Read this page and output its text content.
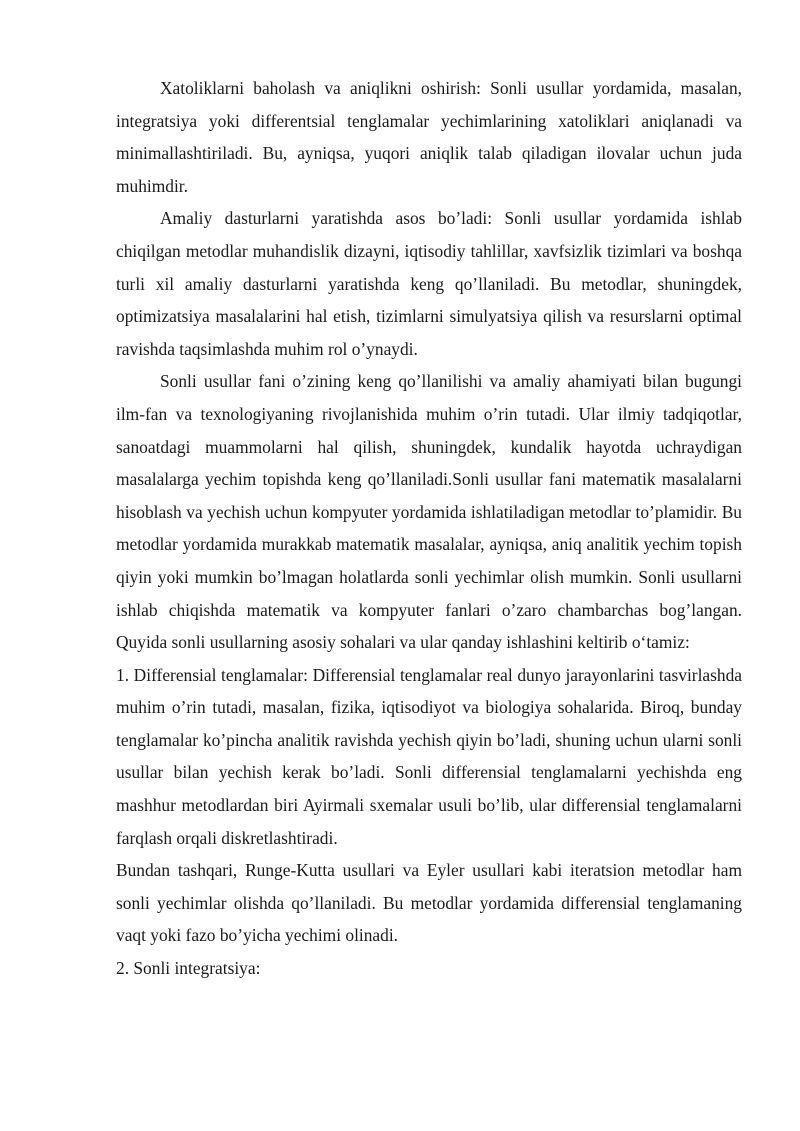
Xatoliklarni baholash va aniqlikni oshirish: Sonli usullar yordamida, masalan, integratsiya yoki differentsial tenglamalar yechimlarining xatoliklari aniqlanadi va minimallashtiriladi. Bu, ayniqsa, yuqori aniqlik talab qiladigan ilovalar uchun juda muhimdir.

Amaliy dasturlarni yaratishda asos bo’ladi: Sonli usullar yordamida ishlab chiqilgan metodlar muhandislik dizayni, iqtisodiy tahlillar, xavfsizlik tizimlari va boshqa turli xil amaliy dasturlarni yaratishda keng qo’llaniladi. Bu metodlar, shuningdek, optimizatsiya masalalarini hal etish, tizimlarni simulyatsiya qilish va resurslarni optimal ravishda taqsimlashda muhim rol o’ynaydi.

Sonli usullar fani o’zining keng qo’llanilishi va amaliy ahamiyati bilan bugungi ilm-fan va texnologiyaning rivojlanishida muhim o’rin tutadi. Ular ilmiy tadqiqotlar, sanoatdagi muammolarni hal qilish, shuningdek, kundalik hayotda uchraydigan masalalarga yechim topishda keng qo’llaniladi.Sonli usullar fani matematik masalalarni hisoblash va yechish uchun kompyuter yordamida ishlatiladigan metodlar to’plamidir. Bu metodlar yordamida murakkab matematik masalalar, ayniqsa, aniq analitik yechim topish qiyin yoki mumkin bo’lmagan holatlarda sonli yechimlar olish mumkin. Sonli usullarni ishlab chiqishda matematik va kompyuter fanlari o’zaro chambarchas bog’langan. Quyida sonli usullarning asosiy sohalari va ular qanday ishlashini keltirib o‘tamiz:

1. Differensial tenglamalar: Differensial tenglamalar real dunyo jarayonlarini tasvirlashda muhim o’rin tutadi, masalan, fizika, iqtisodiyot va biologiya sohalarida. Biroq, bunday tenglamalar ko’pincha analitik ravishda yechish qiyin bo’ladi, shuning uchun ularni sonli usullar bilan yechish kerak bo’ladi. Sonli differensial tenglamalarni yechishda eng mashhur metodlardan biri Ayirmali sxemalar usuli bo’lib, ular differensial tenglamalarni farqlash orqali diskretlashtiradi.

Bundan tashqari, Runge-Kutta usullari va Eyler usullari kabi iteratsion metodlar ham sonli yechimlar olishda qo’llaniladi. Bu metodlar yordamida differensial tenglamaning vaqt yoki fazo bo’yicha yechimi olinadi.

2. Sonli integratsiya:
